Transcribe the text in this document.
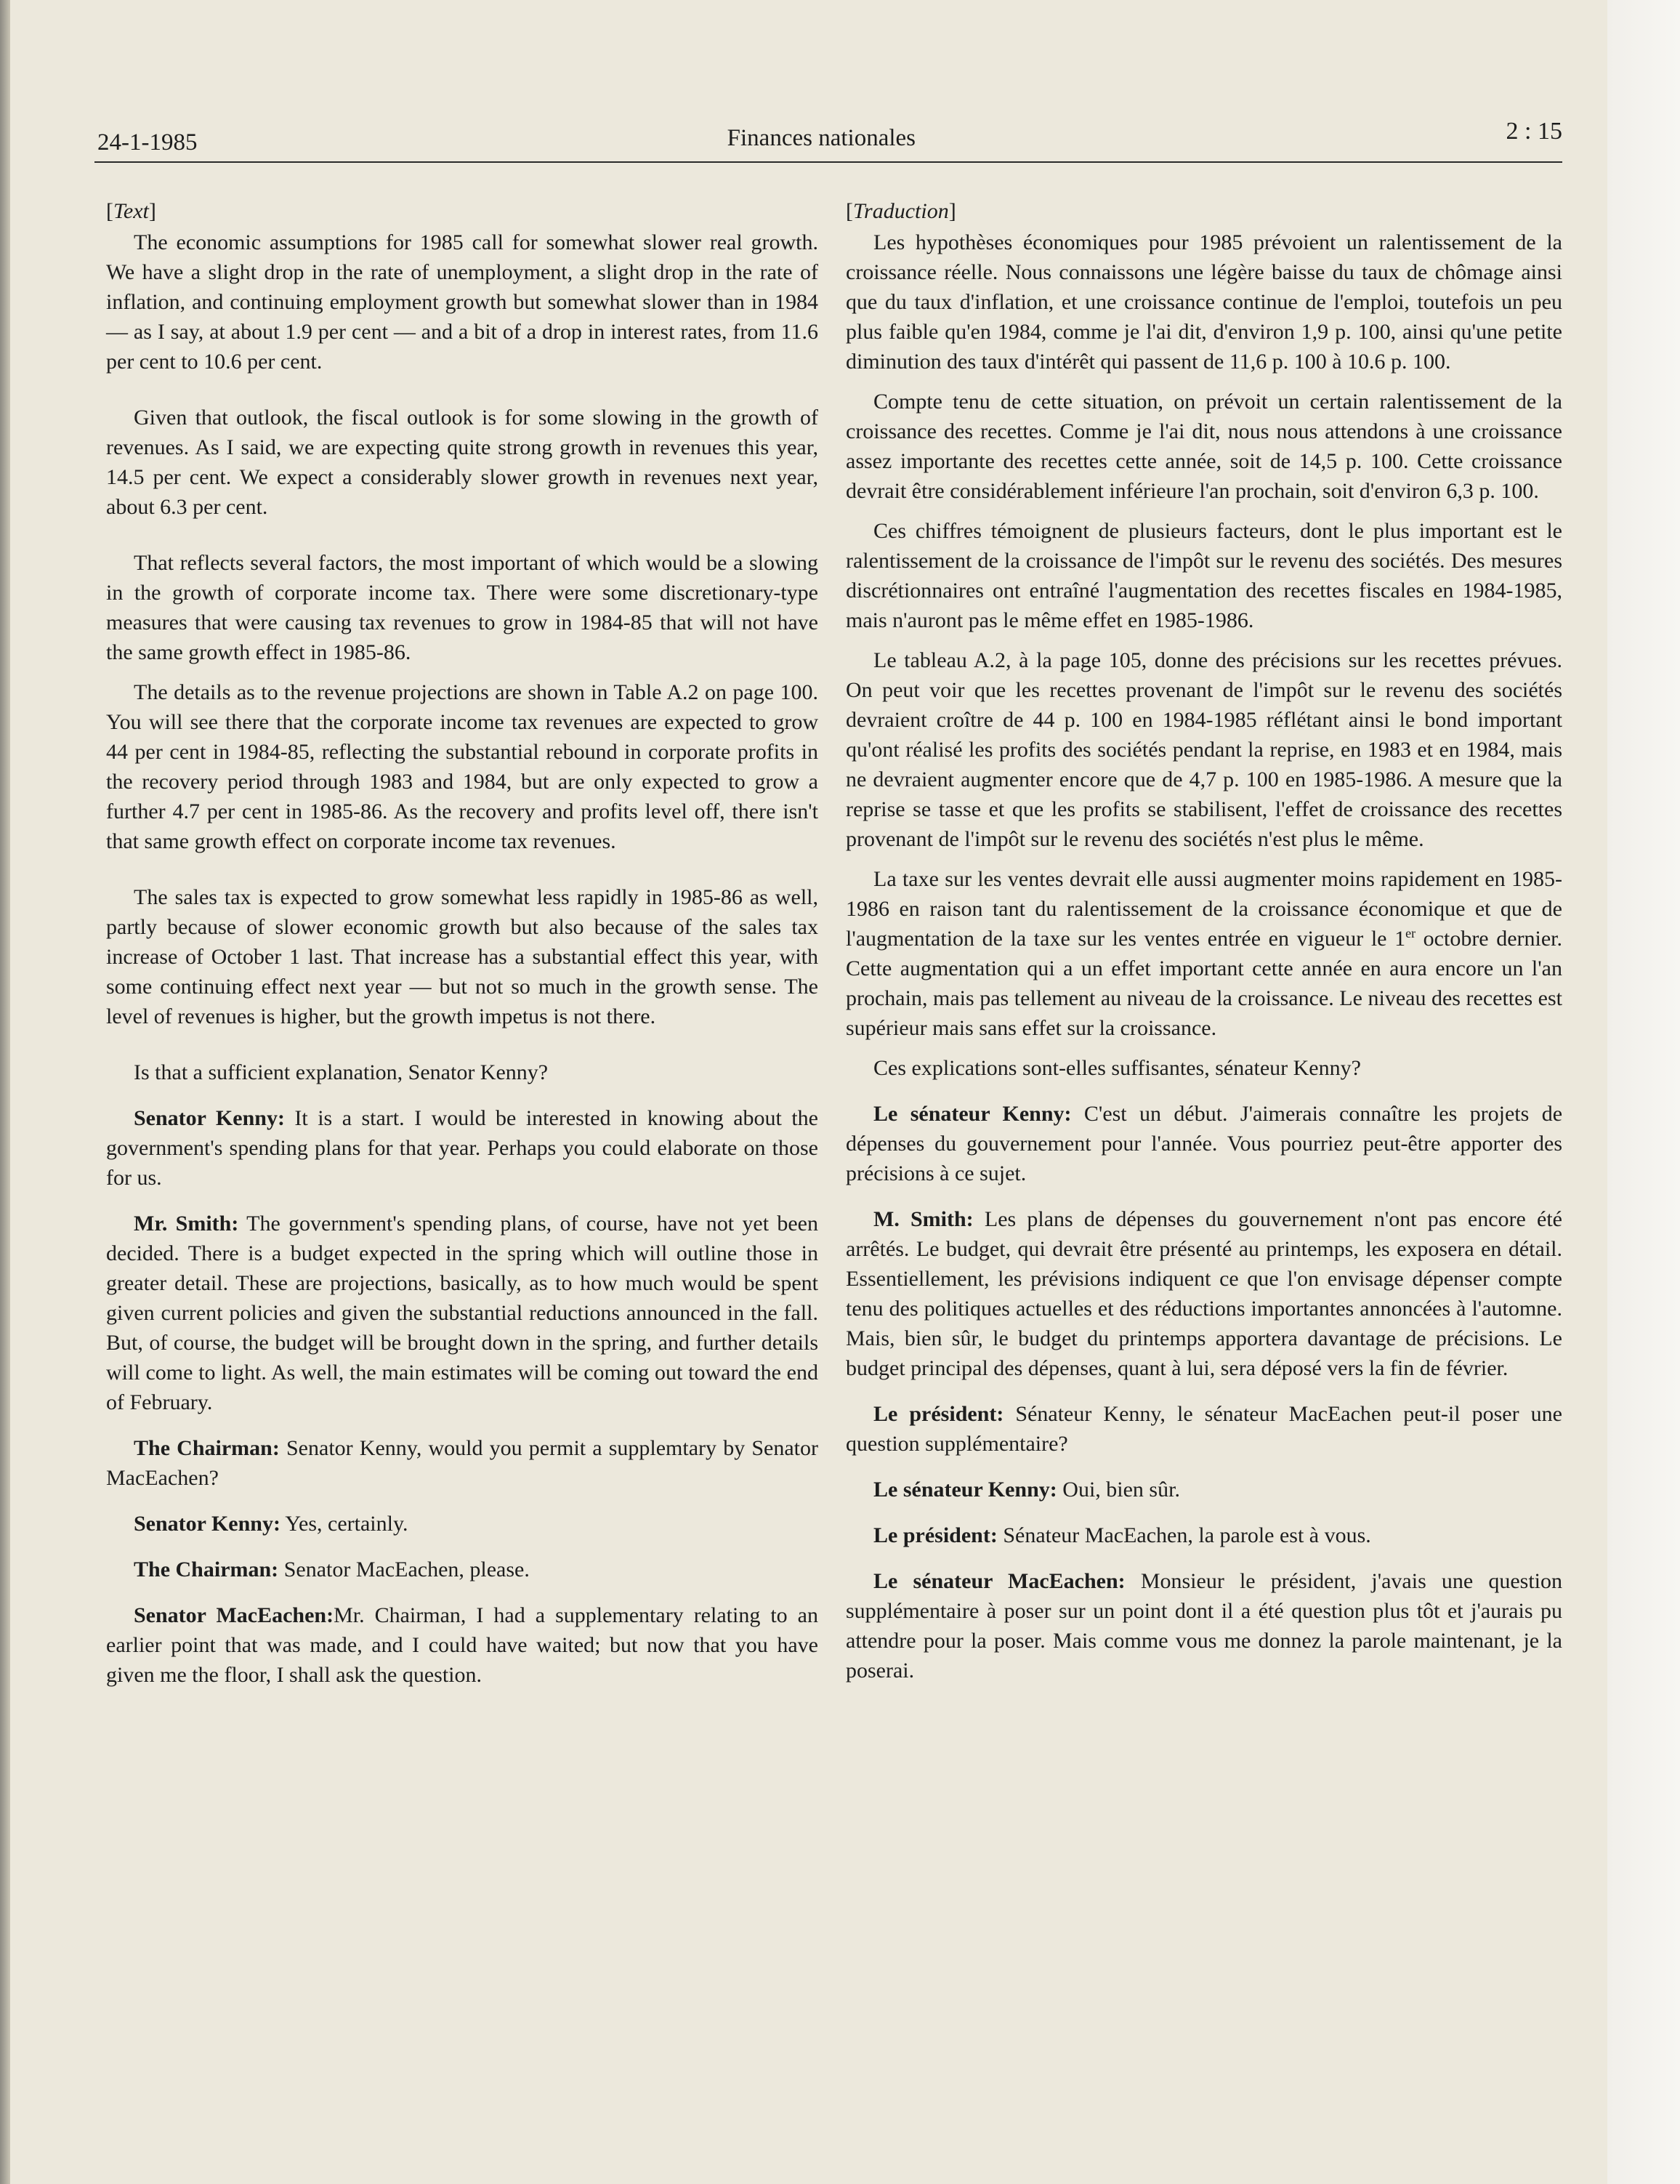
24-1-1985	Finances nationales	2 : 15

[Text]

The economic assumptions for 1985 call for somewhat slower real growth. We have a slight drop in the rate of unemployment, a slight drop in the rate of inflation, and continuing employment growth but somewhat slower than in 1984 — as I say, at about 1.9 per cent — and a bit of a drop in interest rates, from 11.6 per cent to 10.6 per cent.

Given that outlook, the fiscal outlook is for some slowing in the growth of revenues. As I said, we are expecting quite strong growth in revenues this year, 14.5 per cent. We expect a considerably slower growth in revenues next year, about 6.3 per cent.

That reflects several factors, the most important of which would be a slowing in the growth of corporate income tax. There were some discretionary-type measures that were causing tax revenues to grow in 1984-85 that will not have the same growth effect in 1985-86.

The details as to the revenue projections are shown in Table A.2 on page 100. You will see there that the corporate income tax revenues are expected to grow 44 per cent in 1984-85, reflecting the substantial rebound in corporate profits in the recovery period through 1983 and 1984, but are only expected to grow a further 4.7 per cent in 1985-86. As the recovery and profits level off, there isn't that same growth effect on corporate income tax revenues.

The sales tax is expected to grow somewhat less rapidly in 1985-86 as well, partly because of slower economic growth but also because of the sales tax increase of October 1 last. That increase has a substantial effect this year, with some continuing effect next year — but not so much in the growth sense. The level of revenues is higher, but the growth impetus is not there.

Is that a sufficient explanation, Senator Kenny?

Senator Kenny: It is a start. I would be interested in knowing about the government's spending plans for that year. Perhaps you could elaborate on those for us.

Mr. Smith: The government's spending plans, of course, have not yet been decided. There is a budget expected in the spring which will outline those in greater detail. These are projections, basically, as to how much would be spent given current policies and given the substantial reductions announced in the fall. But, of course, the budget will be brought down in the spring, and further details will come to light. As well, the main estimates will be coming out toward the end of February.

The Chairman: Senator Kenny, would you permit a supplemtary by Senator MacEachen?

Senator Kenny: Yes, certainly.

The Chairman: Senator MacEachen, please.

Senator MacEachen:Mr. Chairman, I had a supplementary relating to an earlier point that was made, and I could have waited; but now that you have given me the floor, I shall ask the question.

[Traduction]

Les hypothèses économiques pour 1985 prévoient un ralentissement de la croissance réelle. Nous connaissons une légère baisse du taux de chômage ainsi que du taux d'inflation, et une croissance continue de l'emploi, toutefois un peu plus faible qu'en 1984, comme je l'ai dit, d'environ 1,9 p. 100, ainsi qu'une petite diminution des taux d'intérêt qui passent de 11,6 p. 100 à 10.6 p. 100.

Compte tenu de cette situation, on prévoit un certain ralentissement de la croissance des recettes. Comme je l'ai dit, nous nous attendons à une croissance assez importante des recettes cette année, soit de 14,5 p. 100. Cette croissance devrait être considérablement inférieure l'an prochain, soit d'environ 6,3 p. 100.

Ces chiffres témoignent de plusieurs facteurs, dont le plus important est le ralentissement de la croissance de l'impôt sur le revenu des sociétés. Des mesures discrétionnaires ont entraîné l'augmentation des recettes fiscales en 1984-1985, mais n'auront pas le même effet en 1985-1986.

Le tableau A.2, à la page 105, donne des précisions sur les recettes prévues. On peut voir que les recettes provenant de l'impôt sur le revenu des sociétés devraient croître de 44 p. 100 en 1984-1985 réflétant ainsi le bond important qu'ont réalisé les profits des sociétés pendant la reprise, en 1983 et en 1984, mais ne devraient augmenter encore que de 4,7 p. 100 en 1985-1986. A mesure que la reprise se tasse et que les profits se stabilisent, l'effet de croissance des recettes provenant de l'impôt sur le revenu des sociétés n'est plus le même.

La taxe sur les ventes devrait elle aussi augmenter moins rapidement en 1985-1986 en raison tant du ralentissement de la croissance économique et que de l'augmentation de la taxe sur les ventes entrée en vigueur le 1er octobre dernier. Cette augmentation qui a un effet important cette année en aura encore un l'an prochain, mais pas tellement au niveau de la croissance. Le niveau des recettes est supérieur mais sans effet sur la croissance.

Ces explications sont-elles suffisantes, sénateur Kenny?

Le sénateur Kenny: C'est un début. J'aimerais connaître les projets de dépenses du gouvernement pour l'année. Vous pourriez peut-être apporter des précisions à ce sujet.

M. Smith: Les plans de dépenses du gouvernement n'ont pas encore été arrêtés. Le budget, qui devrait être présenté au printemps, les exposera en détail. Essentiellement, les prévisions indiquent ce que l'on envisage dépenser compte tenu des politiques actuelles et des réductions importantes annoncées à l'automne. Mais, bien sûr, le budget du printemps apportera davantage de précisions. Le budget principal des dépenses, quant à lui, sera déposé vers la fin de février.

Le président: Sénateur Kenny, le sénateur MacEachen peut-il poser une question supplémentaire?

Le sénateur Kenny: Oui, bien sûr.

Le président: Sénateur MacEachen, la parole est à vous.

Le sénateur MacEachen: Monsieur le président, j'avais une question supplémentaire à poser sur un point dont il a été question plus tôt et j'aurais pu attendre pour la poser. Mais comme vous me donnez la parole maintenant, je la poserai.
